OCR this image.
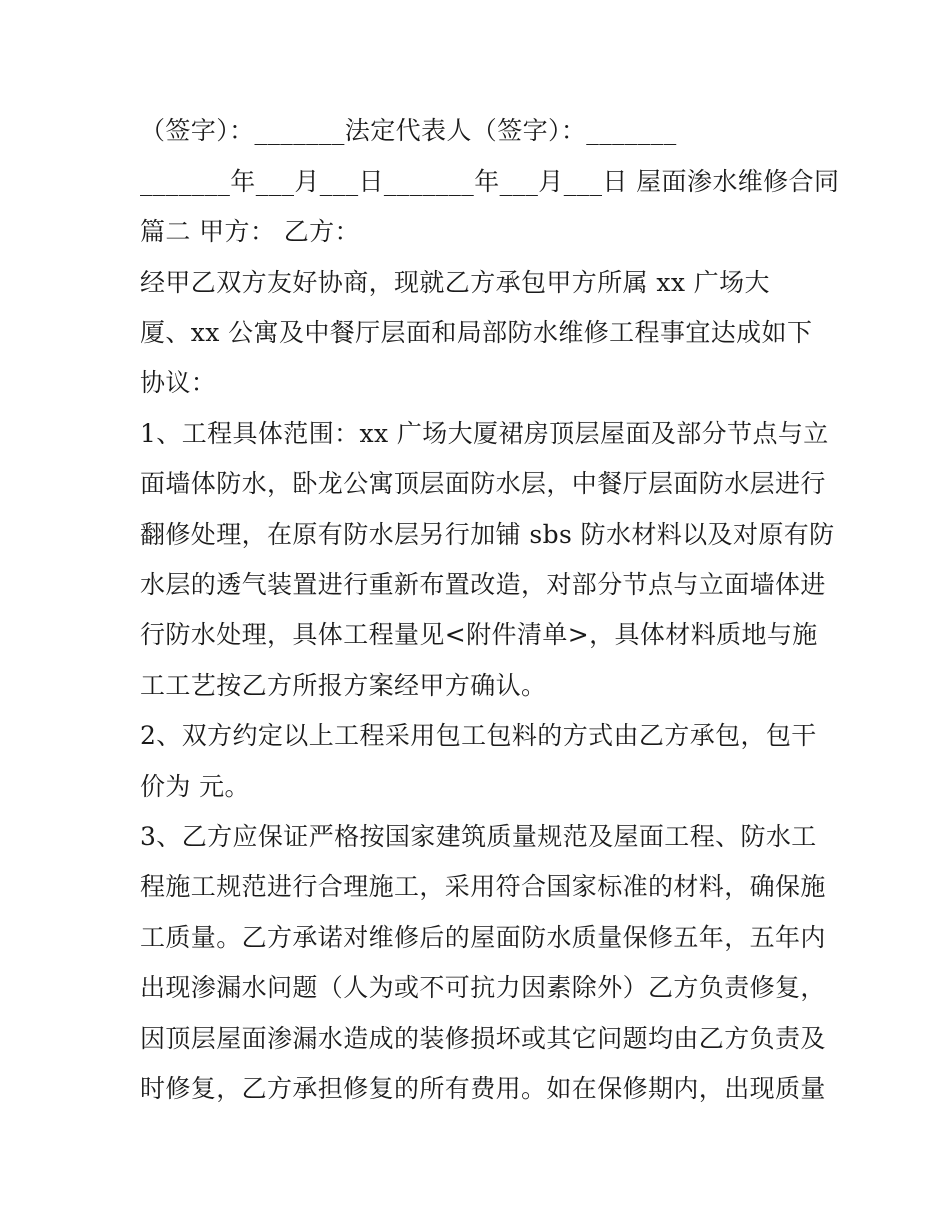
（签字）：_______法定代表人（签字）：_______
_______年___月___日_______年___月___日 屋面渗水维修合同
篇二 甲方： 乙方：
经甲乙双方友好协商，现就乙方承包甲方所属 xx 广场大
厦、xx 公寓及中餐厅层面和局部防水维修工程事宜达成如下
协议：
1、工程具体范围：xx 广场大厦裙房顶层屋面及部分节点与立
面墙体防水，卧龙公寓顶层面防水层，中餐厅层面防水层进行
翻修处理，在原有防水层另行加铺 sbs 防水材料以及对原有防
水层的透气装置进行重新布置改造，对部分节点与立面墙体进
行防水处理，具体工程量见<附件清单>，具体材料质地与施
工工艺按乙方所报方案经甲方确认。
2、双方约定以上工程采用包工包料的方式由乙方承包，包干
价为 元。
3、乙方应保证严格按国家建筑质量规范及屋面工程、防水工
程施工规范进行合理施工，采用符合国家标准的材料，确保施
工质量。乙方承诺对维修后的屋面防水质量保修五年，五年内
出现渗漏水问题（人为或不可抗力因素除外）乙方负责修复，
因顶层屋面渗漏水造成的装修损坏或其它问题均由乙方负责及
时修复，乙方承担修复的所有费用。如在保修期内，出现质量
